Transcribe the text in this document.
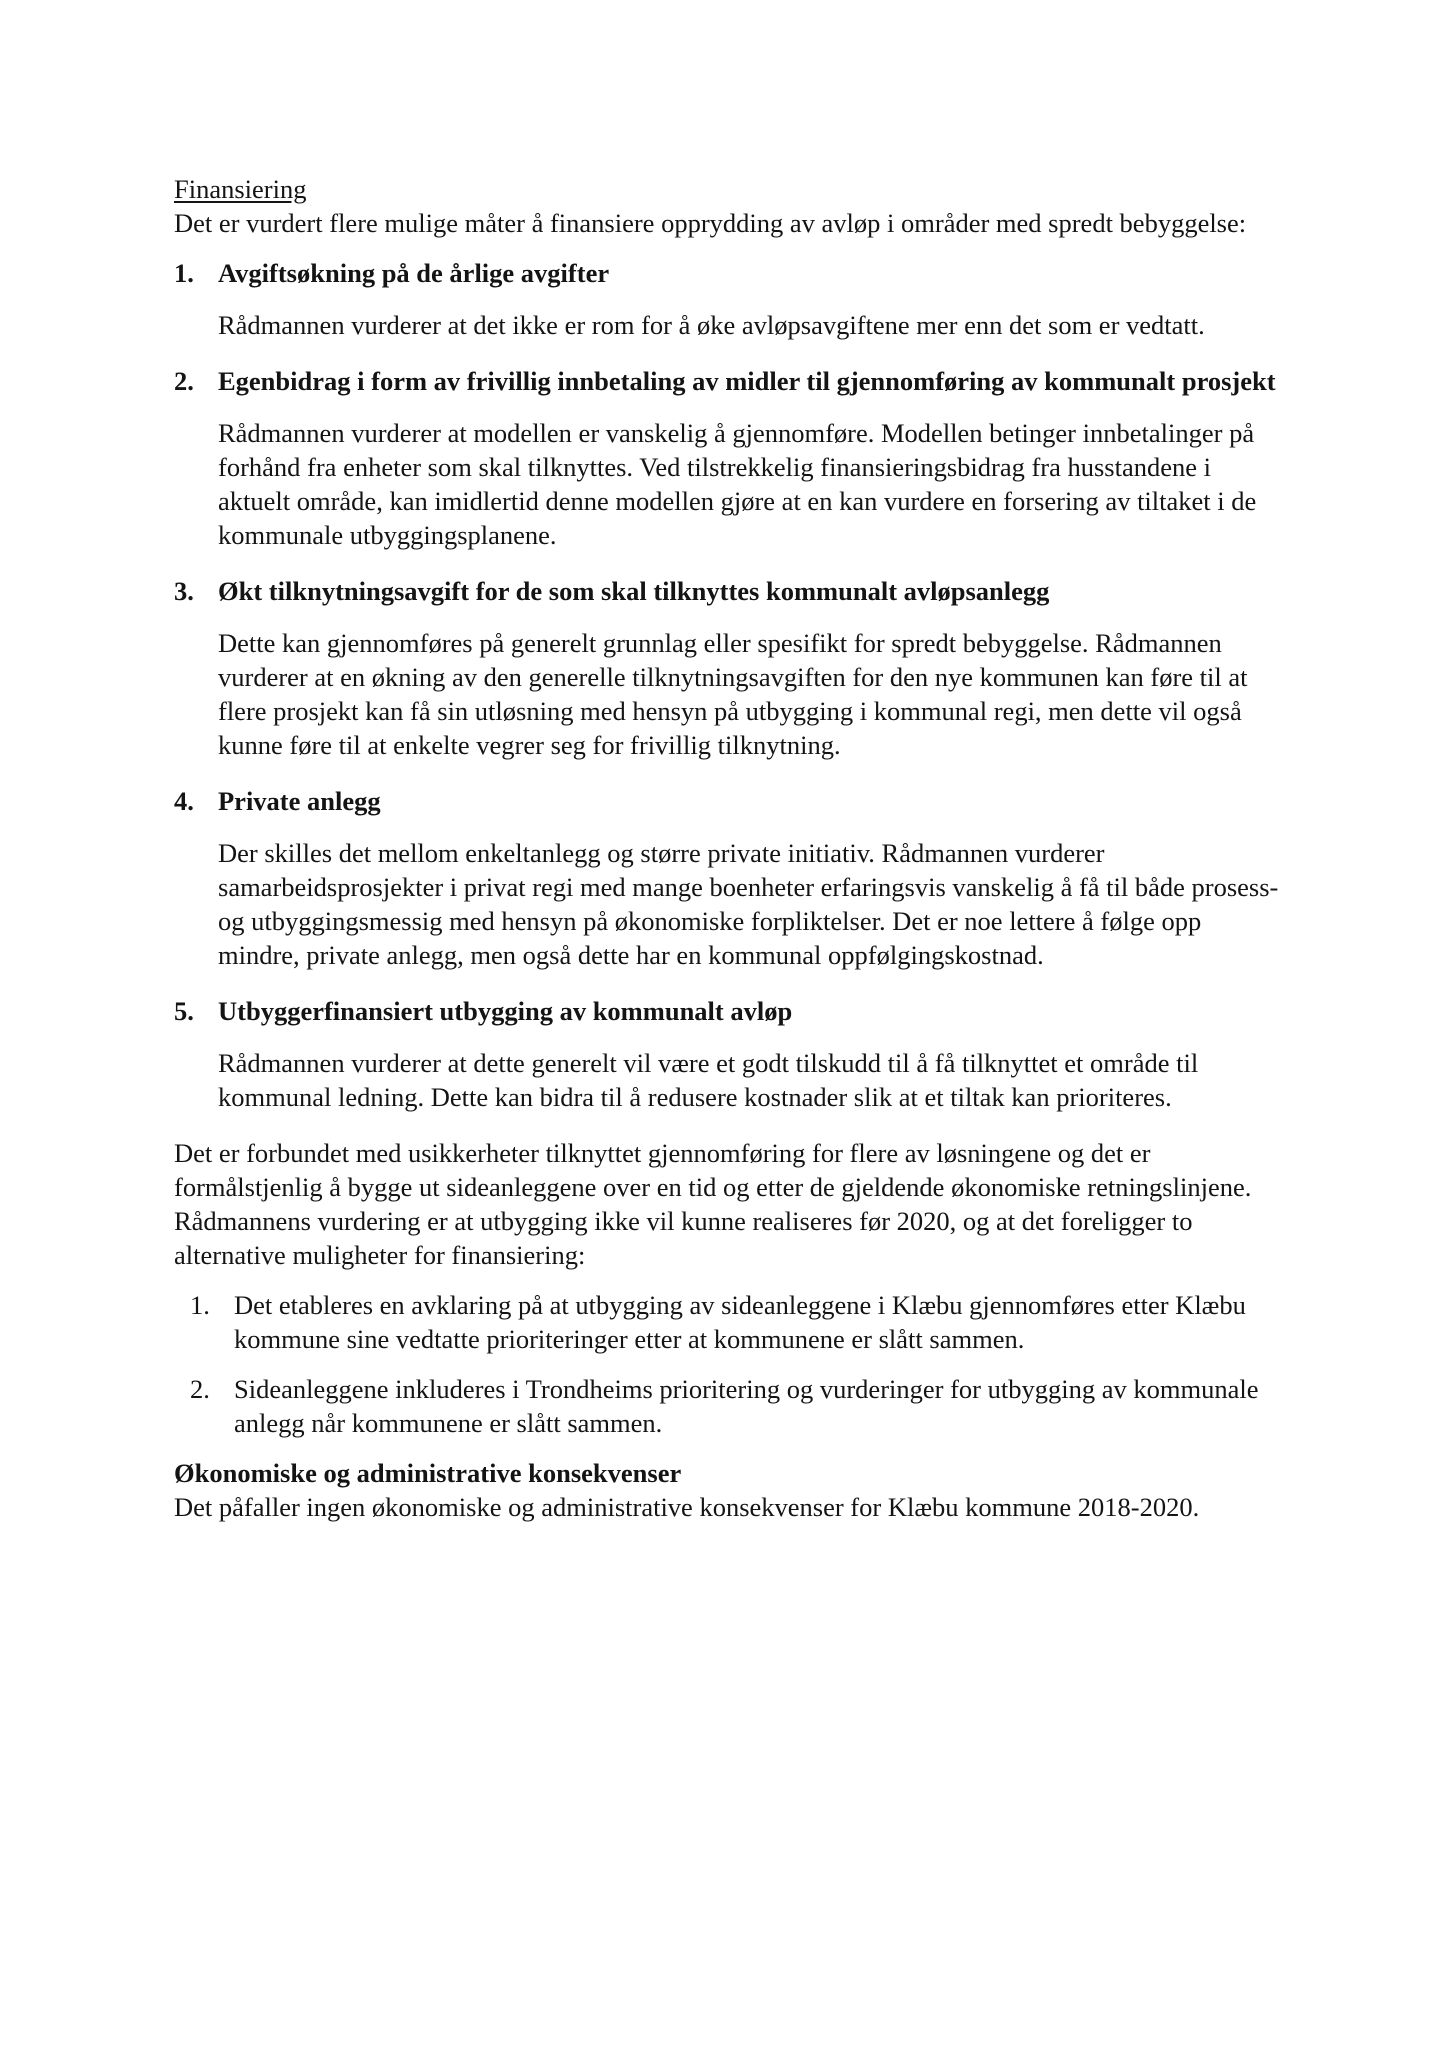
Finansiering

Det er vurdert flere mulige måter å finansiere opprydding av avløp i områder med spredt bebyggelse:

1. Avgiftsøkning på de årlige avgifter

Rådmannen vurderer at det ikke er rom for å øke avløpsavgiftene mer enn det som er vedtatt.

2. Egenbidrag i form av frivillig innbetaling av midler til gjennomføring av kommunalt prosjekt

Rådmannen vurderer at modellen er vanskelig å gjennomføre. Modellen betinger innbetalinger på forhånd fra enheter som skal tilknyttes. Ved tilstrekkelig finansieringsbidrag fra husstandene i aktuelt område, kan imidlertid denne modellen gjøre at en kan vurdere en forsering av tiltaket i de kommunale utbyggingsplanene.

3. Økt tilknytningsavgift for de som skal tilknyttes kommunalt avløpsanlegg

Dette kan gjennomføres på generelt grunnlag eller spesifikt for spredt bebyggelse. Rådmannen vurderer at en økning av den generelle tilknytningsavgiften for den nye kommunen kan føre til at flere prosjekt kan få sin utløsning med hensyn på utbygging i kommunal regi, men dette vil også kunne føre til at enkelte vegrer seg for frivillig tilknytning.

4. Private anlegg

Der skilles det mellom enkeltanlegg og større private initiativ. Rådmannen vurderer samarbeidsprosjekter i privat regi med mange boenheter erfaringsvis vanskelig å få til både prosess- og utbyggingsmessig med hensyn på økonomiske forpliktelser. Det er noe lettere å følge opp mindre, private anlegg, men også dette har en kommunal oppfølgingskostnad.

5. Utbyggerfinansiert utbygging av kommunalt avløp

Rådmannen vurderer at dette generelt vil være et godt tilskudd til å få tilknyttet et område til kommunal ledning. Dette kan bidra til å redusere kostnader slik at et tiltak kan prioriteres.

Det er forbundet med usikkerheter tilknyttet gjennomføring for flere av løsningene og det er formålstjenlig å bygge ut sideanleggene over en tid og etter de gjeldende økonomiske retningslinjene. Rådmannens vurdering er at utbygging ikke vil kunne realiseres før 2020, og at det foreligger to alternative muligheter for finansiering:

1. Det etableres en avklaring på at utbygging av sideanleggene i Klæbu gjennomføres etter Klæbu kommune sine vedtatte prioriteringer etter at kommunene er slått sammen.
2. Sideanleggene inkluderes i Trondheims prioritering og vurderinger for utbygging av kommunale anlegg når kommunene er slått sammen.

Økonomiske og administrative konsekvenser

Det påfaller ingen økonomiske og administrative konsekvenser for Klæbu kommune 2018-2020.
